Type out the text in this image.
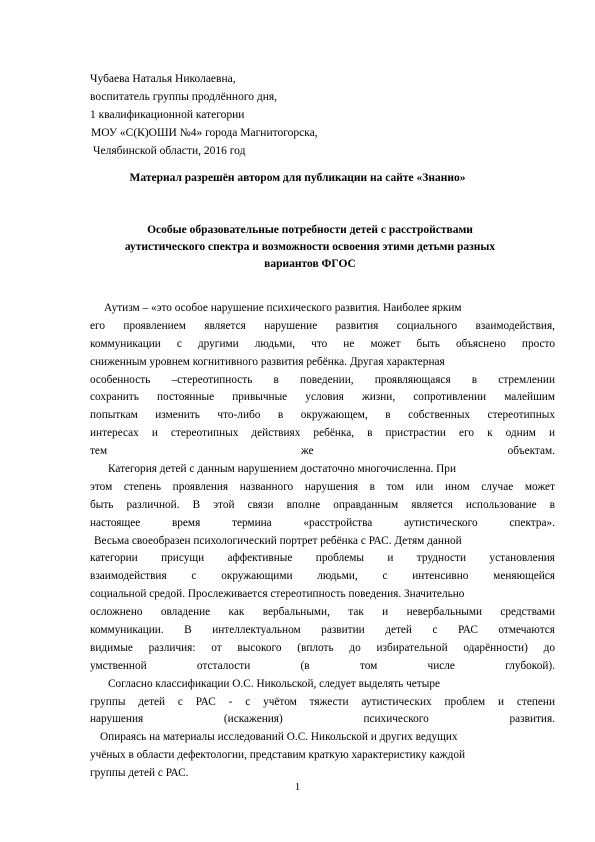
Чубаева Наталья Николаевна,
воспитатель группы продлённого дня,
1 квалификационной категории
МОУ «С(К)ОШИ №4» города Магнитогорска,
Челябинской области, 2016 год
Материал разрешён автором для публикации на сайте «Знанио»
Особые образовательные потребности детей с расстройствами
аутистического спектра и возможности освоения этими детьми разных
вариантов ФГОС
Аутизм – «это особое нарушение психического развития. Наиболее ярким
его проявлением является нарушение развития социального взаимодействия,
коммуникации с другими людьми, что не может быть объяснено просто
сниженным уровнем когнитивного развития ребёнка. Другая характерная
особенность –стереотипность в поведении, проявляющаяся в стремлении
сохранить постоянные привычные условия жизни, сопротивлении малейшим
попыткам изменить что-либо в окружающем, в собственных стереотипных
интересах и стереотипных действиях ребёнка, в пристрастии его к одним и
тем же объектам.
Категория детей с данным нарушением достаточно многочисленна. При
этом степень проявления названного нарушения в том или ином случае может
быть различной. В этой связи вполне оправданным является использование в
настоящее время термина «расстройства аутистического спектра».
Весьма своеобразен психологический портрет ребёнка с РАС. Детям данной
категории присущи аффективные проблемы и трудности установления
взаимодействия с окружающими людьми, с интенсивно меняющейся
социальной средой. Прослеживается стереотипность поведения. Значительно
осложнено овладение как вербальными, так и невербальными средствами
коммуникации. В интеллектуальном развитии детей с РАС отмечаются
видимые различия: от высокого (вплоть до избирательной одарённости) до
умственной отсталости (в том числе глубокой).
Согласно классификации О.С. Никольской, следует выделять четыре
группы детей с РАС - с учётом тяжести аутистических проблем и степени
нарушения (искажения) психического развития.
Опираясь на материалы исследований О.С. Никольской и других ведущих
учёных в области дефектологии, представим краткую характеристику каждой
группы детей с РАС.
1
